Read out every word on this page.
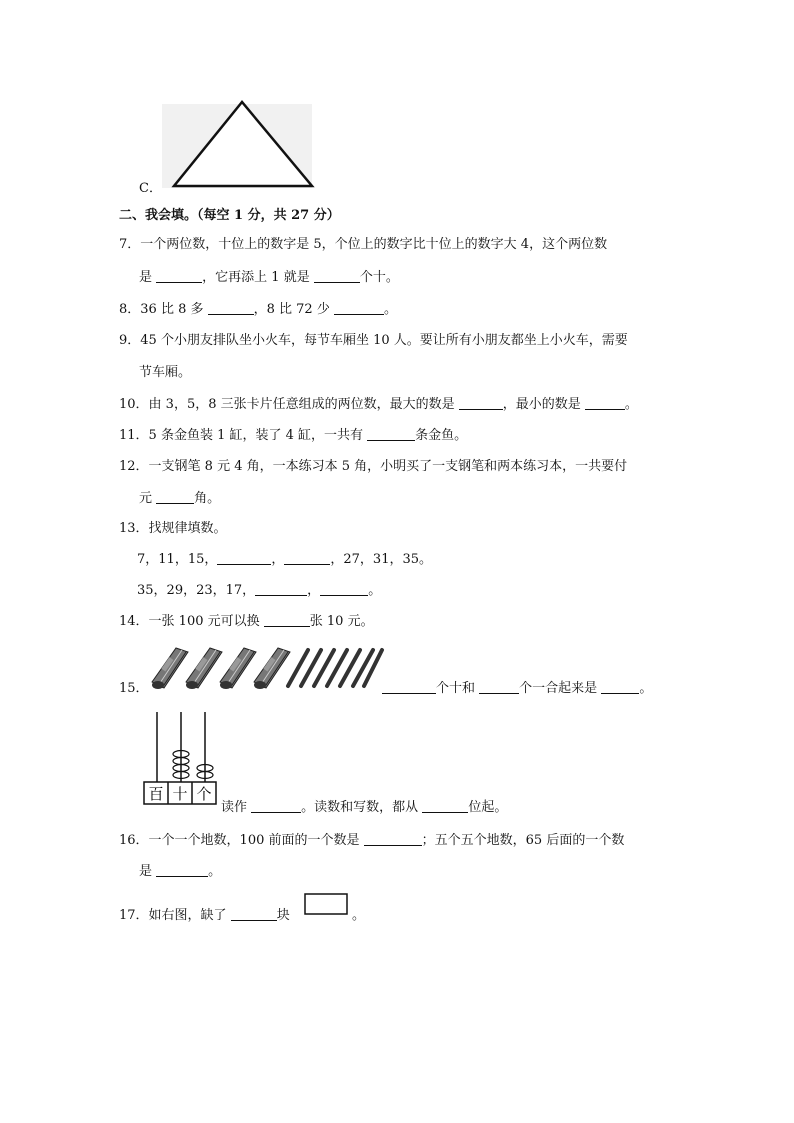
C．
二、我会填。（每空 1 分，共 27 分）
7．一个两位数，十位上的数字是 5，个位上的数字比十位上的数字大 4，这个两位数
是	，它再添上 1 就是	个十。
8．36 比 8 多	，8 比 72 少	。
9．45 个小朋友排队坐小火车，每节车厢坐 10 人。要让所有小朋友都坐上小火车，需要
节车厢。
10．由 3，5，8 三张卡片任意组成的两位数，最大的数是	，最小的数是	。
11．5 条金鱼装 1 缸，装了 4 缸，一共有	条金鱼。
12．一支钢笔 8 元 4 角，一本练习本 5 角，小明买了一支钢笔和两本练习本，一共要付
元	角。
13．找规律填数。
7，11，15，	，	，27，31，35。
35，29，23，17，	，	。
14．一张 100 元可以换	张 10 元。
15．	个十和	个一合起来是	。
百 十 个
读作	。读数和写数，都从	位起。
16．一个一个地数，100 前面的一个数是	；五个五个地数，65 后面的一个数
是	。
17．如右图，缺了	块	。
